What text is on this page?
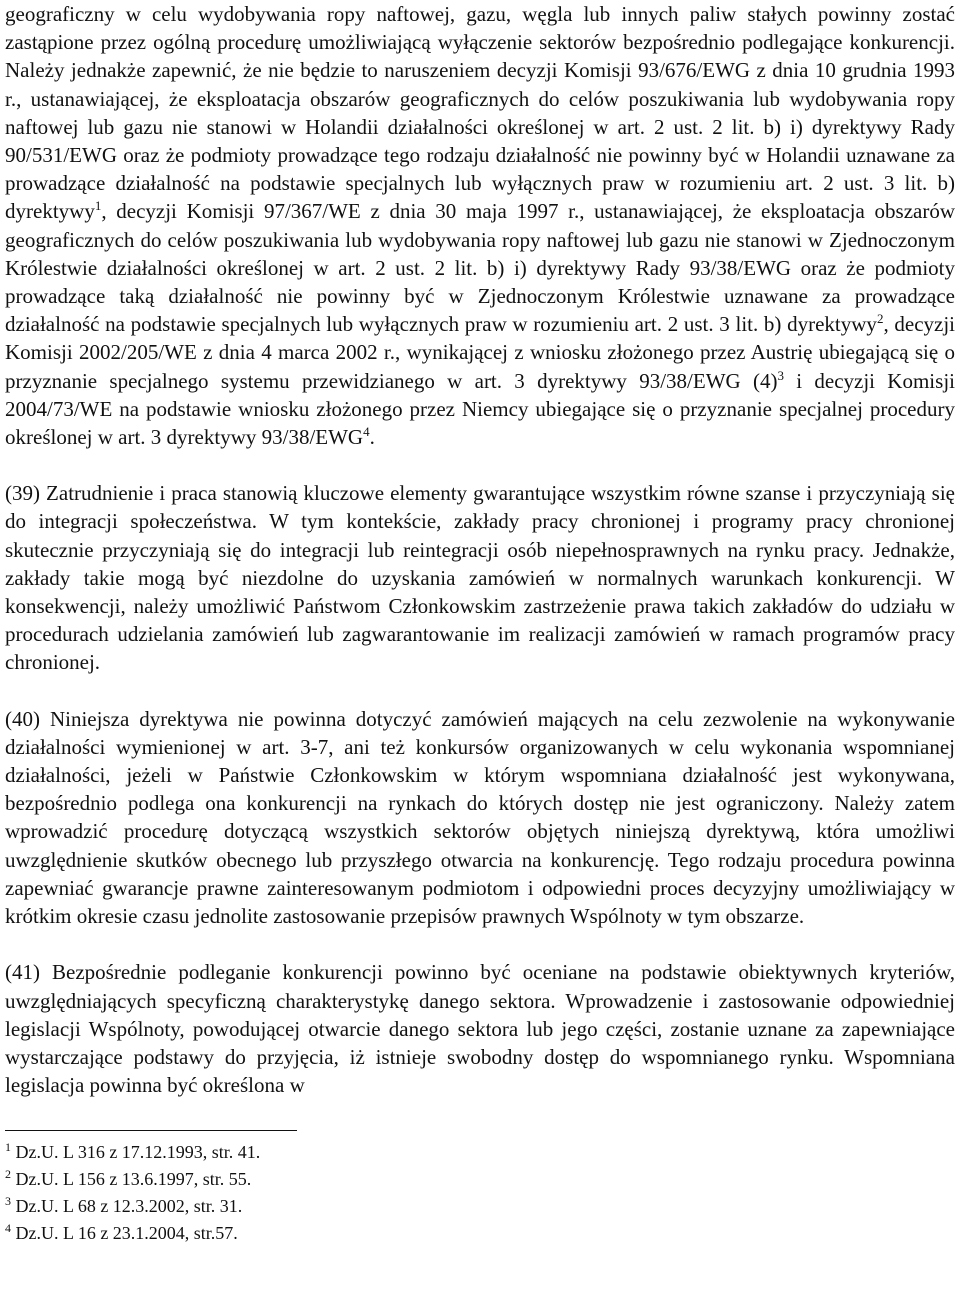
geograficzny w celu wydobywania ropy naftowej, gazu, węgla lub innych paliw stałych powinny zostać zastąpione przez ogólną procedurę umożliwiającą wyłączenie sektorów bezpośrednio podlegające konkurencji. Należy jednakże zapewnić, że nie będzie to naruszeniem decyzji Komisji 93/676/EWG z dnia 10 grudnia 1993 r., ustanawiającej, że eksploatacja obszarów geograficznych do celów poszukiwania lub wydobywania ropy naftowej lub gazu nie stanowi w Holandii działalności określonej w art. 2 ust. 2 lit. b) i) dyrektywy Rady 90/531/EWG oraz że podmioty prowadzące tego rodzaju działalność nie powinny być w Holandii uznawane za prowadzące działalność na podstawie specjalnych lub wyłącznych praw w rozumieniu art. 2 ust. 3 lit. b) dyrektywy$^1$, decyzji Komisji 97/367/WE z dnia 30 maja 1997 r., ustanawiającej, że eksploatacja obszarów geograficznych do celów poszukiwania lub wydobywania ropy naftowej lub gazu nie stanowi w Zjednoczonym Królestwie działalności określonej w art. 2 ust. 2 lit. b) i) dyrektywy Rady 93/38/EWG oraz że podmioty prowadzące taką działalność nie powinny być w Zjednoczonym Królestwie uznawane za prowadzące działalność na podstawie specjalnych lub wyłącznych praw w rozumieniu art. 2 ust. 3 lit. b) dyrektywy$^2$, decyzji Komisji 2002/205/WE z dnia 4 marca 2002 r., wynikającej z wniosku złożonego przez Austrię ubiegającą się o przyznanie specjalnego systemu przewidzianego w art. 3 dyrektywy 93/38/EWG $(4)^3$ i decyzji Komisji 2004/73/WE na podstawie wniosku złożonego przez Niemcy ubiegające się o przyznanie specjalnej procedury określonej w art. 3 dyrektywy 93/38/EWG$^4$.

(39) Zatrudnienie i praca stanowią kluczowe elementy gwarantujące wszystkim równe szanse i przyczyniają się do integracji społeczeństwa. W tym kontekście, zakłady pracy chronionej i programy pracy chronionej skutecznie przyczyniają się do integracji lub reintegracji osób niepełnosprawnych na rynku pracy. Jednakże, zakłady takie mogą być niezdolne do uzyskania zamówień w normalnych warunkach konkurencji. W konsekwencji, należy umożliwić Państwom Członkowskim zastrzeżenie prawa takich zakładów do udziału w procedurach udzielania zamówień lub zagwarantowanie im realizacji zamówień w ramach programów pracy chronionej.

(40) Niniejsza dyrektywa nie powinna dotyczyć zamówień mających na celu zezwolenie na wykonywanie działalności wymienionej w art. 3-7, ani też konkursów organizowanych w celu wykonania wspomnianej działalności, jeżeli w Państwie Członkowskim w którym wspomniana działalność jest wykonywana, bezpośrednio podlega ona konkurencji na rynkach do których dostęp nie jest ograniczony. Należy zatem wprowadzić procedurę dotyczącą wszystkich sektorów objętych niniejszą dyrektywą, która umożliwi uwzględnienie skutków obecnego lub przyszłego otwarcia na konkurencję. Tego rodzaju procedura powinna zapewniać gwarancje prawne zainteresowanym podmiotom i odpowiedni proces decyzyjny umożliwiający w krótkim okresie czasu jednolite zastosowanie przepisów prawnych Wspólnoty w tym obszarze.

(41) Bezpośrednie podleganie konkurencji powinno być oceniane na podstawie obiektywnych kryteriów, uwzględniających specyficzną charakterystykę danego sektora. Wprowadzenie i zastosowanie odpowiedniej legislacji Wspólnoty, powodującej otwarcie danego sektora lub jego części, zostanie uznane za zapewniające wystarczające podstawy do przyjęcia, iż istnieje swobodny dostęp do wspomnianego rynku. Wspomniana legislacja powinna być określona w

$^1$ Dz.U. L 316 z 17.12.1993, str. 41.

$^2$ Dz.U. L 156 z 13.6.1997, str. 55.

$^3$ Dz.U. L 68 z 12.3.2002, str. 31.

$^4$ Dz.U. L 16 z 23.1.2004, str.57.
